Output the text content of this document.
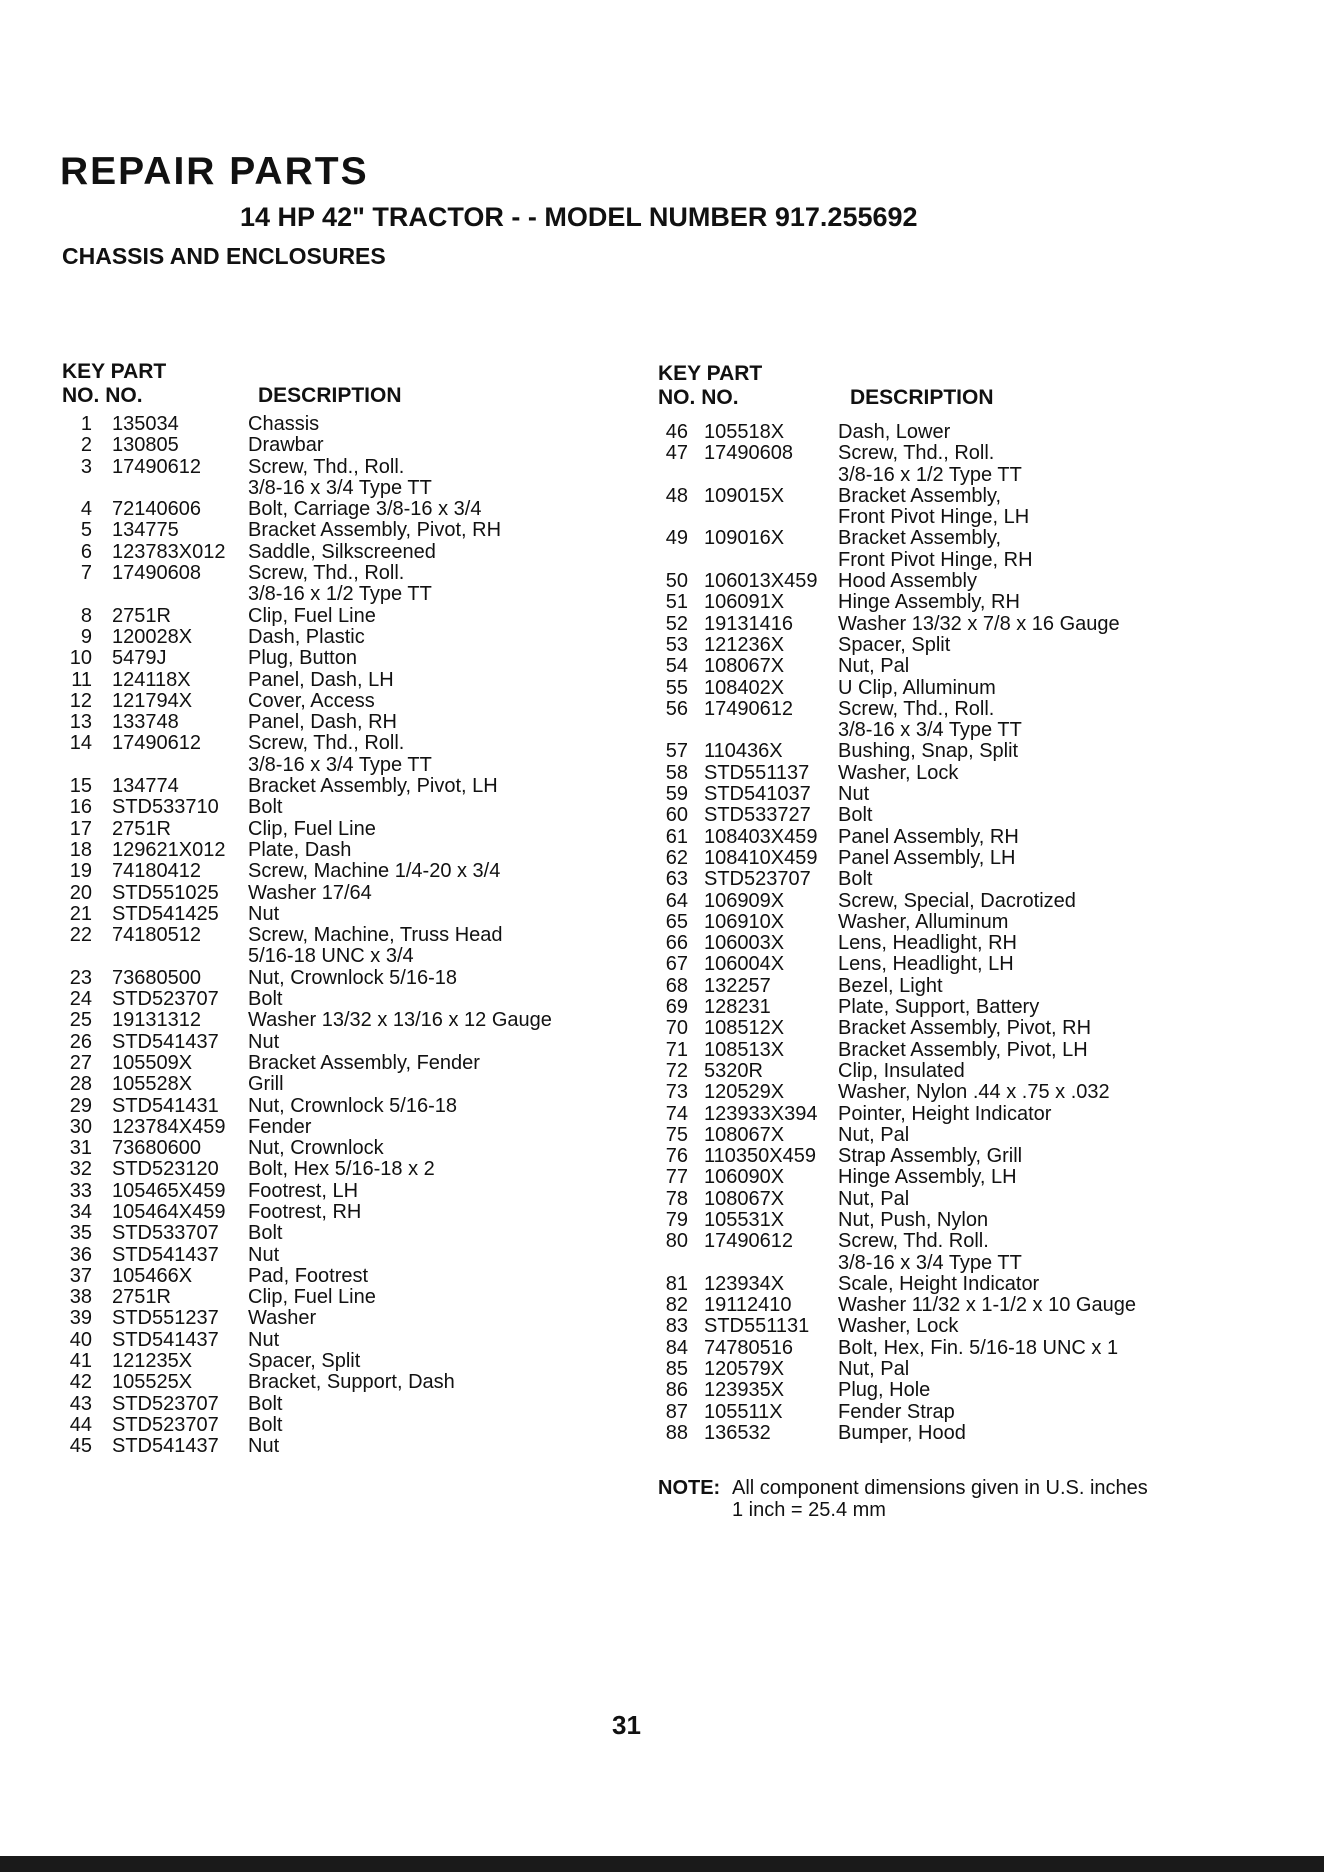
REPAIR PARTS
14 HP 42" TRACTOR - - MODEL NUMBER 917.255692
CHASSIS AND ENCLOSURES
KEY PART
NO. NO.	DESCRIPTION
1	135034	Chassis
2	130805	Drawbar
3	17490612	Screw, Thd., Roll.
3/8-16 x 3/4 Type TT
4	72140606	Bolt, Carriage 3/8-16 x 3/4
5	134775	Bracket Assembly, Pivot, RH
6	123783X012	Saddle, Silkscreened
7	17490608	Screw, Thd., Roll.
3/8-16 x 1/2 Type TT
8	2751R	Clip, Fuel Line
9	120028X	Dash, Plastic
10	5479J	Plug, Button
11	124118X	Panel, Dash, LH
12	121794X	Cover, Access
13	133748	Panel, Dash, RH
14	17490612	Screw, Thd., Roll.
3/8-16 x 3/4 Type TT
15	134774	Bracket Assembly, Pivot, LH
16	STD533710	Bolt
17	2751R	Clip, Fuel Line
18	129621X012	Plate, Dash
19	74180412	Screw, Machine 1/4-20 x 3/4
20	STD551025	Washer 17/64
21	STD541425	Nut
22	74180512	Screw, Machine, Truss Head
5/16-18 UNC x 3/4
23	73680500	Nut, Crownlock 5/16-18
24	STD523707	Bolt
25	19131312	Washer 13/32 x 13/16 x 12 Gauge
26	STD541437	Nut
27	105509X	Bracket Assembly, Fender
28	105528X	Grill
29	STD541431	Nut, Crownlock 5/16-18
30	123784X459	Fender
31	73680600	Nut, Crownlock
32	STD523120	Bolt, Hex 5/16-18 x 2
33	105465X459	Footrest, LH
34	105464X459	Footrest, RH
35	STD533707	Bolt
36	STD541437	Nut
37	105466X	Pad, Footrest
38	2751R	Clip, Fuel Line
39	STD551237	Washer
40	STD541437	Nut
41	121235X	Spacer, Split
42	105525X	Bracket, Support, Dash
43	STD523707	Bolt
44	STD523707	Bolt
45	STD541437	Nut
KEY PART
NO. NO.	DESCRIPTION
46 105518X	Dash, Lower
47 17490608	Screw, Thd., Roll.
3/8-16 x 1/2 Type TT
48 109015X	Bracket Assembly,
Front Pivot Hinge, LH
49 109016X	Bracket Assembly,
Front Pivot Hinge, RH
50 106013X459	Hood Assembly
51 106091X	Hinge Assembly, RH
52 19131416	Washer 13/32 x 7/8 x 16 Gauge
53 121236X	Spacer, Split
54 108067X	Nut, Pal
55 108402X	U Clip, Alluminum
56 17490612	Screw, Thd., Roll.
3/8-16 x 3/4 Type TT
57 110436X	Bushing, Snap, Split
58 STD551137	Washer, Lock
59 STD541037	Nut
60 STD533727	Bolt
61 108403X459	Panel Assembly, RH
62 108410X459	Panel Assembly, LH
63 STD523707	Bolt
64 106909X	Screw, Special, Dacrotized
65 106910X	Washer, Alluminum
66 106003X	Lens, Headlight, RH
67 106004X	Lens, Headlight, LH
68 132257	Bezel, Light
69 128231	Plate, Support, Battery
70 108512X	Bracket Assembly, Pivot, RH
71 108513X	Bracket Assembly, Pivot, LH
72 5320R	Clip, Insulated
73 120529X	Washer, Nylon .44 x .75 x .032
74 123933X394	Pointer, Height Indicator
75 108067X	Nut, Pal
76 110350X459	Strap Assembly, Grill
77 106090X	Hinge Assembly, LH
78 108067X	Nut, Pal
79 105531X	Nut, Push, Nylon
80 17490612	Screw, Thd. Roll.
3/8-16 x 3/4 Type TT
81 123934X	Scale, Height Indicator
82 19112410	Washer 11/32 x 1-1/2 x 10 Gauge
83 STD551131	Washer, Lock
84 74780516	Bolt, Hex, Fin. 5/16-18 UNC x 1
85 120579X	Nut, Pal
86 123935X	Plug, Hole
87 105511X	Fender Strap
88 136532	Bumper, Hood
NOTE: All component dimensions given in U.S. inches
1 inch = 25.4 mm
31
